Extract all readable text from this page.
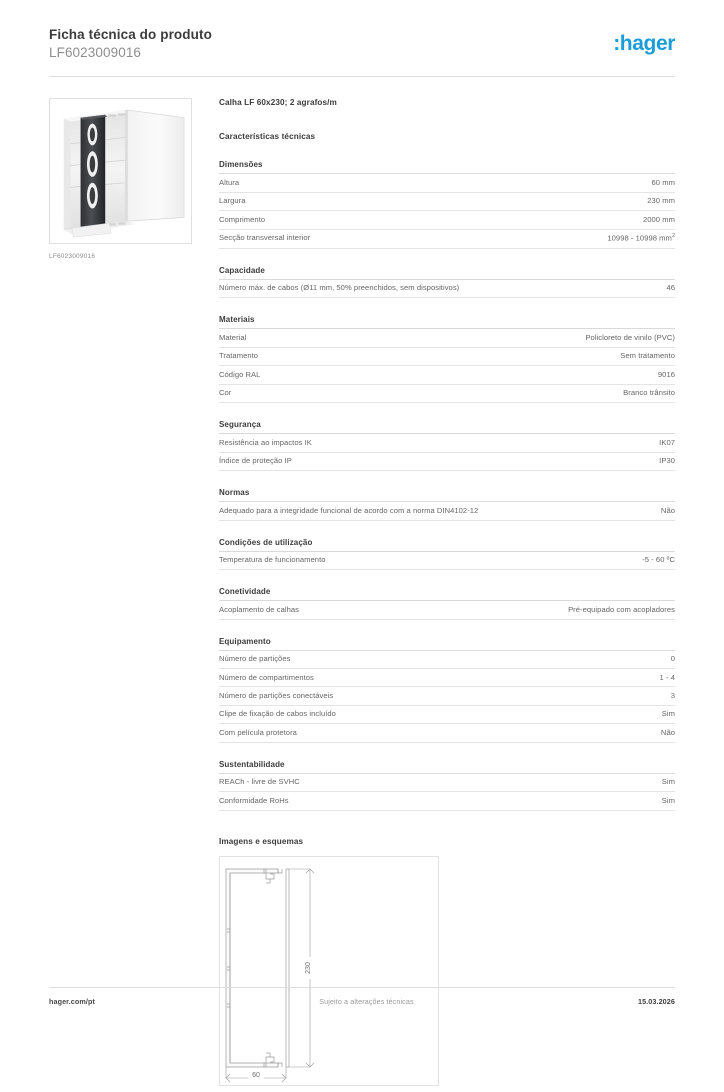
Ficha técnica do produto
LF6023009016	:hager
LF6023009016
Calha LF 60x230; 2 agrafos/m
Características técnicas
Dimensões
Altura	60 mm
Largura	230 mm
Comprimento	2000 mm
Secção transversal interior	10998 - 10998 $mm^2$
Capacidade
Número máx. de cabos (Ø11 mm, 50% preenchidos, sem dispositivos)	46
Materiais
Material	Policloreto de vinilo (PVC)
Tratamento	Sem tratamento
Código RAL	9016
Cor	Branco trânsito
Segurança
Resistência ao impactos IK	IK07
Índice de proteção IP	IP30
Normas
Adequado para a integridade funcional de acordo com a norma DIN4102-12	Não
Condições de utilização
Temperatura de funcionamento	-5 - 60 ºC
Conetividade
Acoplamento de calhas	Pré-equipado com acopladores
Equipamento
Número de partições	0
Número de compartimentos	1 - 4
Número de partições conectáveis	3
Clipe de fixação de cabos incluído	Sim
Com película protetora	Não
Sustentabilidade
REACh - livre de SVHC	Sim
Conformidade RoHs	Sim
Imagens e esquemas
230
60
hager.com/pt	Sujeito a alterações técnicas	15.03.2026
